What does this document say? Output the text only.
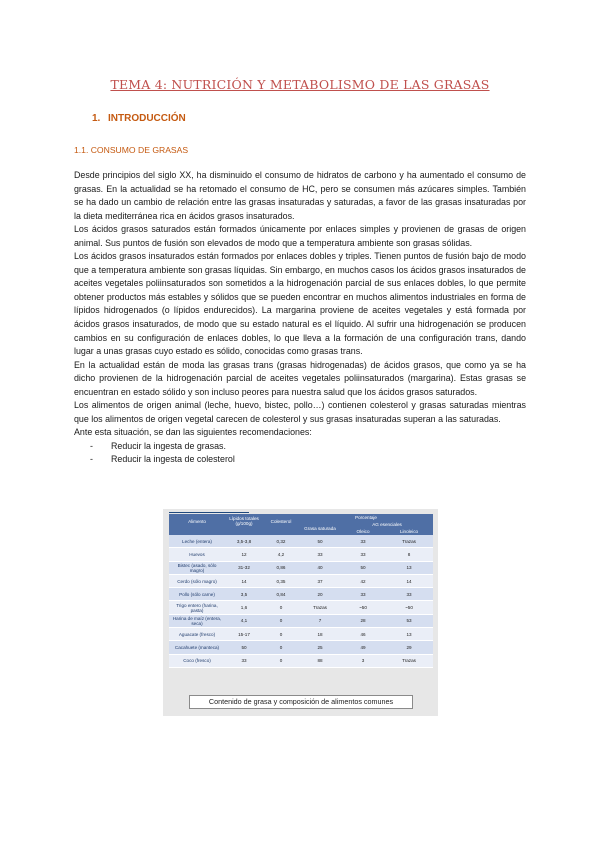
TEMA 4: NUTRICIÓN Y METABOLISMO DE LAS GRASAS
1. INTRODUCCIÓN
1.1. CONSUMO DE GRASAS

Desde principios del siglo XX, ha disminuido el consumo de hidratos de carbono y ha aumentado el consumo de grasas. En la actualidad se ha retomado el consumo de HC, pero se consumen más azúcares simples. También se ha dado un cambio de relación entre las grasas insaturadas y saturadas, a favor de las grasas insaturadas por la dieta mediterránea rica en ácidos grasos insaturados.

Los ácidos grasos saturados están formados únicamente por enlaces simples y provienen de grasas de origen animal. Sus puntos de fusión son elevados de modo que a temperatura ambiente son grasas sólidas.

Los ácidos grasos insaturados están formados por enlaces dobles y triples. Tienen puntos de fusión bajo de modo que a temperatura ambiente son grasas líquidas. Sin embargo, en muchos casos los ácidos grasos insaturados de aceites vegetales poliinsaturados son sometidos a la hidrogenación parcial de sus enlaces dobles, lo que permite obtener productos más estables y sólidos que se pueden encontrar en muchos alimentos industriales en forma de lípidos hidrogenados (o lípidos endurecidos). La margarina proviene de aceites vegetales y está formada por ácidos grasos insaturados, de modo que su estado natural es el líquido. Al sufrir una hidrogenación se producen cambios en su configuración de enlaces dobles, lo que lleva a la formación de una configuración trans, dando lugar a unas grasas cuyo estado es sólido, conocidas como grasas trans.

En la actualidad están de moda las grasas trans (grasas hidrogenadas) de ácidos grasos, que como ya se ha dicho provienen de la hidrogenación parcial de aceites vegetales poliinsaturados (margarina). Estas grasas se encuentran en estado sólido y son incluso peores para nuestra salud que los ácidos grasos saturados.

Los alimentos de origen animal (leche, huevo, bistec, pollo…) contienen colesterol y grasas saturadas mientras que los alimentos de origen vegetal carecen de colesterol y sus grasas insaturadas superan a las saturadas.

Ante esta situación, se dan las siguientes recomendaciones:

- Reducir la ingesta de grasas.
- Reducir la ingesta de colesterol
Alimento	Lípidos totales (g/100g)	Colesterol	Porcentaje		
			Grasa saturada	AG esenciales	
				Oleico	Linoleico
Leche (entera)	3,5-3,8	0,32	50	33	Trazas
Huevos	12	4,2	33	33	8
Bistec (asado, sólo magro)	31-32	0,86	40	50	13
Cerdo (sólo magro)	14	0,35	37	42	14
Pollo (sólo carne)	3,5	0,84	20	33	33
Trigo entero (harina, pasta)	1,6	0	Trazas	~50	~50
Harina de maíz (entera, seca)	4,1	0	7	28	53
Aguacate (fresco)	15-17	0	18	46	13
Cacahuete (manteca)	50	0	25	49	29
Coco (fresco)	33	0	88	3	Trazas
Contenido de grasa y composición de alimentos comunes
